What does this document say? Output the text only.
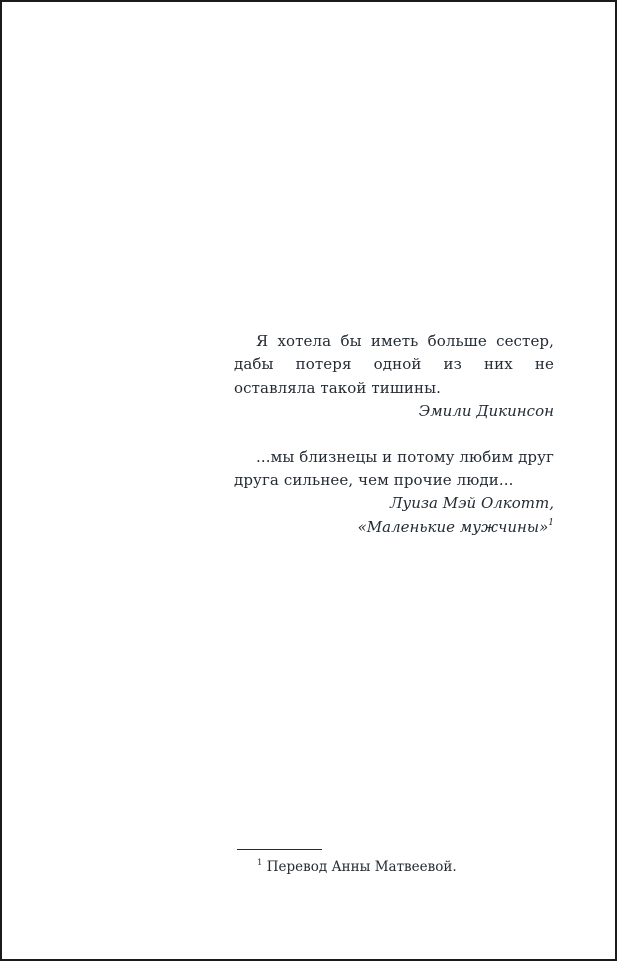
Я хотела бы иметь больше сестер, дабы потеря одной из них не оставляла такой тишины.

Эмили Дикинсон

...мы близнецы и потому любим друг друга сильнее, чем прочие люди...

Луиза Мэй Олкотт,

«Маленькие мужчины»$^1$

$^1$ Перевод Анны Матвеевой.
